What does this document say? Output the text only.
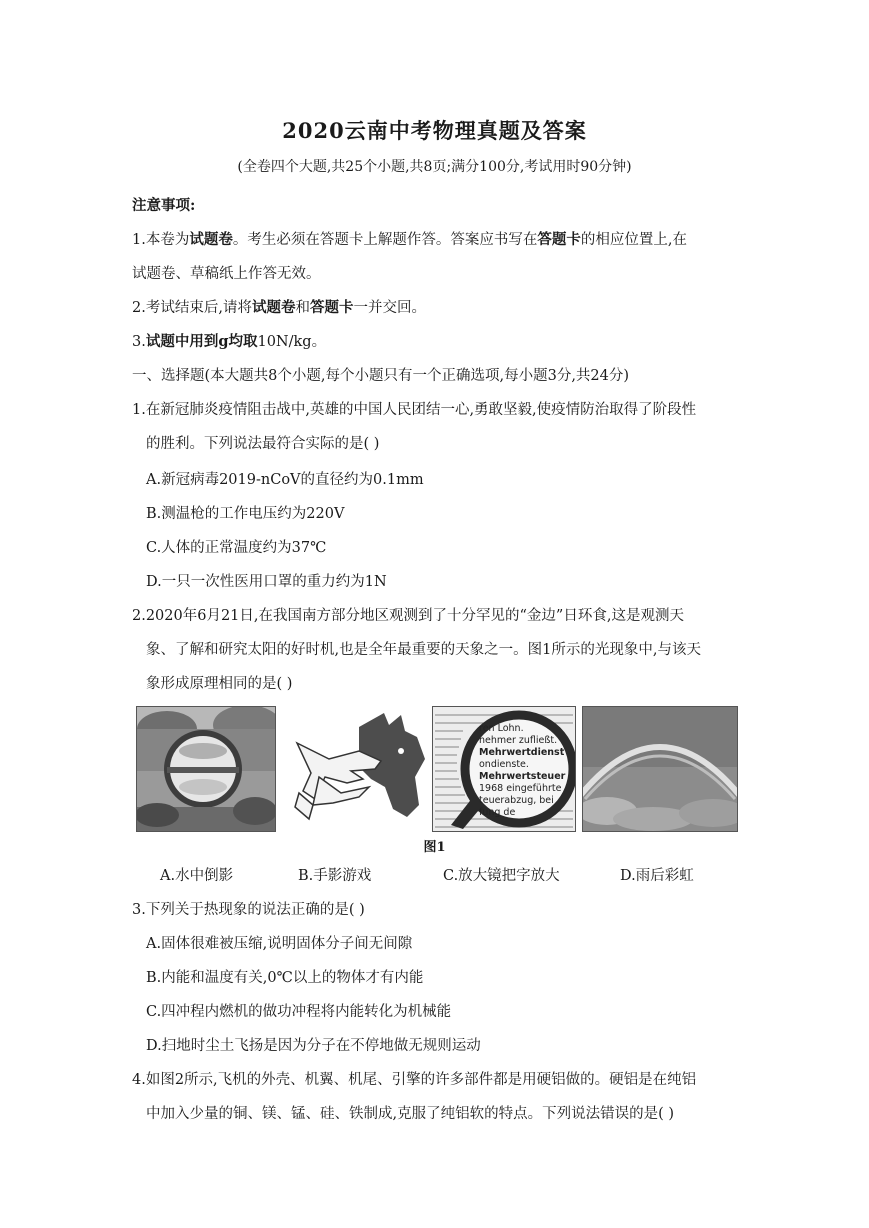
2020云南中考物理真题及答案
(全卷四个大题,共25个小题,共8页;满分100分,考试用时90分钟)
注意事项:
1.本卷为试题卷。考生必须在答题卡上解题作答。答案应书写在答题卡的相应位置上,在
试题卷、草稿纸上作答无效。
2.考试结束后,请将试题卷和答题卡一并交回。
3.试题中用到g均取10N/kg。
一、选择题(本大题共8个小题,每个小题只有一个正确选项,每小题3分,共24分)
1.在新冠肺炎疫情阻击战中,英雄的中国人民团结一心,勇敢坚毅,使疫情防治取得了阶段性
的胜利。下列说法最符合实际的是( )
A.新冠病毒2019-nCoV的直径约为0.1mm
B.测温枪的工作电压约为220V
C.人体的正常温度约为37℃
D.一只一次性医用口罩的重力约为1N
2.2020年6月21日,在我国南方部分地区观测到了十分罕见的“金边”日环食,这是观测天
象、了解和研究太阳的好时机,也是全年最重要的天象之一。图1所示的光现象中,与该天
象形成原理相同的是( )
ren Lohn.
nehmer zufließt.
Mehrwertdienst
ondienste.
Mehrwertsteuer
1968 eingeführte
teuerabzug, bei
fung de
图1
A.水中倒影	B.手影游戏	C.放大镜把字放大	D.雨后彩虹
3.下列关于热现象的说法正确的是( )
A.固体很难被压缩,说明固体分子间无间隙
B.内能和温度有关,0℃以上的物体才有内能
C.四冲程内燃机的做功冲程将内能转化为机械能
D.扫地时尘土飞扬是因为分子在不停地做无规则运动
4.如图2所示,飞机的外壳、机翼、机尾、引擎的许多部件都是用硬铝做的。硬铝是在纯铝
中加入少量的铜、镁、锰、硅、铁制成,克服了纯铝软的特点。下列说法错误的是( )
